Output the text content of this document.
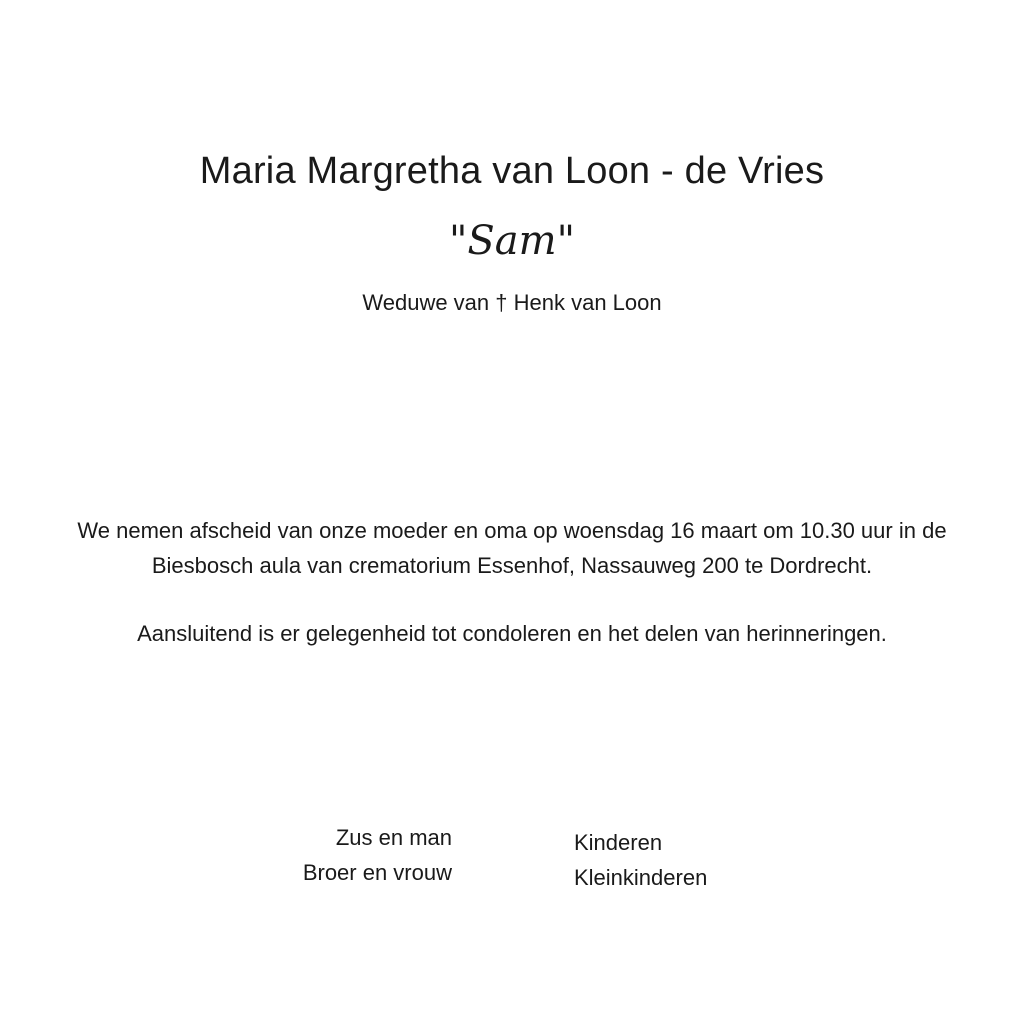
Maria Margretha van Loon - de Vries
"Sam"
Weduwe van † Henk van Loon
We nemen afscheid van onze moeder en oma op woensdag 16 maart om 10.30 uur in de Biesbosch aula van crematorium Essenhof, Nassauweg 200 te Dordrecht.
Aansluitend is er gelegenheid tot condoleren en het delen van herinneringen.
Zus en man
Broer en vrouw
Kinderen
Kleinkinderen
